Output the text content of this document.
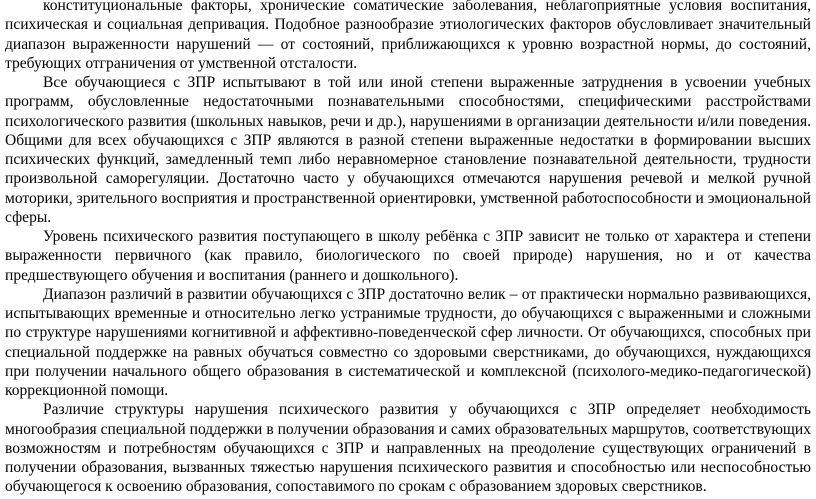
конституциональные факторы, хронические соматические заболевания, неблагоприятные условия воспитания, психическая и социальная депривация. Подобное разнообразие этиологических факторов обусловливает значительный диапазон выраженности нарушений — от состояний, приближающихся к уровню возрастной нормы, до состояний, требующих отграничения от умственной отсталости.

Все обучающиеся с ЗПР испытывают в той или иной степени выраженные затруднения в усвоении учебных программ, обусловленные недостаточными познавательными способностями, специфическими расстройствами психологического развития (школьных навыков, речи и др.), нарушениями в организации деятельности и/или поведения. Общими для всех обучающихся с ЗПР являются в разной степени выраженные недостатки в формировании высших психических функций, замедленный темп либо неравномерное становление познавательной деятельности, трудности произвольной саморегуляции. Достаточно часто у обучающихся отмечаются нарушения речевой и мелкой ручной моторики, зрительного восприятия и пространственной ориентировки, умственной работоспособности и эмоциональной сферы.

Уровень психического развития поступающего в школу ребёнка с ЗПР зависит не только от характера и степени выраженности первичного (как правило, биологического по своей природе) нарушения, но и от качества предшествующего обучения и воспитания (раннего и дошкольного).

Диапазон различий в развитии обучающихся с ЗПР достаточно велик – от практически нормально развивающихся, испытывающих временные и относительно легко устранимые трудности, до обучающихся с выраженными и сложными по структуре нарушениями когнитивной и аффективно-поведенческой сфер личности. От обучающихся, способных при специальной поддержке на равных обучаться совместно со здоровыми сверстниками, до обучающихся, нуждающихся при получении начального общего образования в систематической и комплексной (психолого-медико-педагогической) коррекционной помощи.

Различие структуры нарушения психического развития у обучающихся с ЗПР определяет необходимость многообразия специальной поддержки в получении образования и самих образовательных маршрутов, соответствующих возможностям и потребностям обучающихся с ЗПР и направленных на преодоление существующих ограничений в получении образования, вызванных тяжестью нарушения психического развития и способностью или неспособностью обучающегося к освоению образования, сопоставимого по срокам с образованием здоровых сверстников.
